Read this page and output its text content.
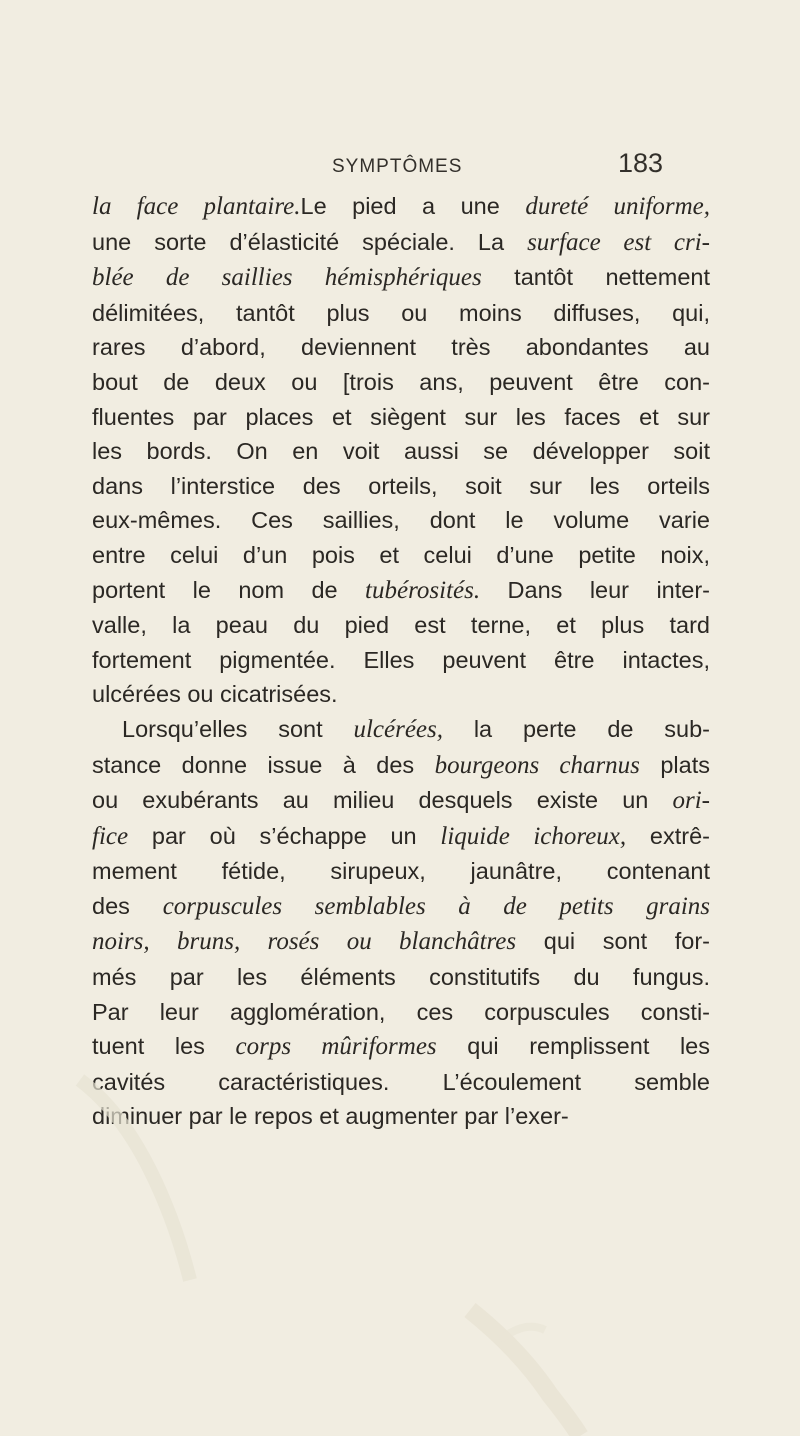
SYMPTÔMES	183
la face plantaire.Le pied a une dureté uniforme,
une sorte d’élasticité spéciale. La surface est cri-
blée de saillies hémisphériques tantôt nettement
délimitées, tantôt plus ou moins diffuses, qui,
rares d’abord, deviennent très abondantes au
bout de deux ou [trois ans, peuvent être con-
fluentes par places et siègent sur les faces et sur
les bords. On en voit aussi se développer soit
dans l’interstice des orteils, soit sur les orteils
eux-mêmes. Ces saillies, dont le volume varie
entre celui d’un pois et celui d’une petite noix,
portent le nom de tubérosités. Dans leur inter-
valle, la peau du pied est terne, et plus tard
fortement pigmentée. Elles peuvent être intactes,
ulcérées ou cicatrisées.
Lorsqu’elles sont ulcérées, la perte de sub-
stance donne issue à des bourgeons charnus plats
ou exubérants au milieu desquels existe un ori-
fice par où s’échappe un liquide ichoreux, extrê-
mement fétide, sirupeux, jaunâtre, contenant
des corpuscules semblables à de petits grains
noirs, bruns, rosés ou blanchâtres qui sont for-
més par les éléments constitutifs du fungus.
Par leur agglomération, ces corpuscules consti-
tuent les corps mûriformes qui remplissent les
cavités caractéristiques. L’écoulement semble
diminuer par le repos et augmenter par l’exer-
